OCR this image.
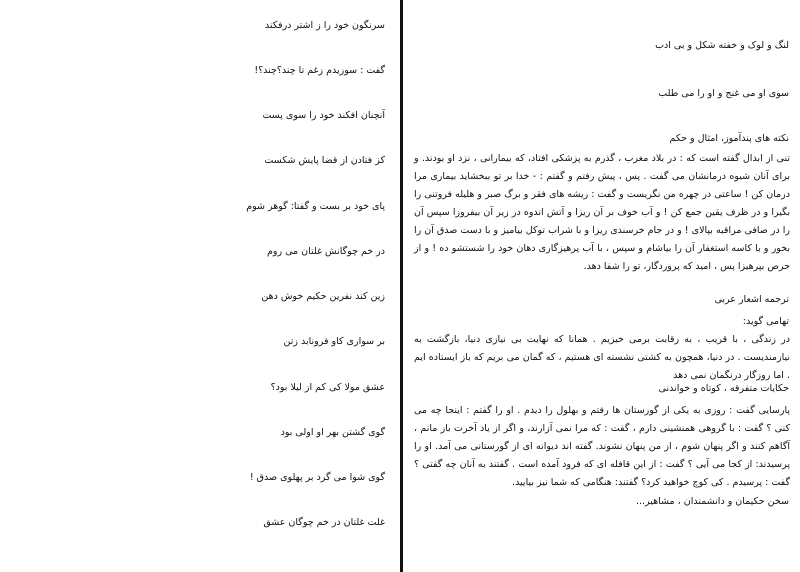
سرنگون خود را ز اشتر درفکند
گفت : سوزیدم زغم تا چند؟چند؟!
آنچنان افکند خود را سوی پست
کز فتادن از قضا پایش شکست
پای خود بر بست و گفتا: گوهر شوم
در خم چوگانش غلتان می روم
زین کند نفرین حکیم خوش دهن
بر سواری کاو فرونابد زتن
عشق مولا کی کم از لیلا بود؟
گوی گشتن بهر او اولی بود
گوی شوا می گرد بر پهلوی صدق !
غلت غلتان در خم چوگان عشق
لنگ و لوک و خفته شکل و بی ادب
سوی او می غنج و او را می طلب
نکته های پندآموز، امثال و حکم
تنی از ابدال گفته است که : در بلاد مغرب ، گذرم به پزشکی افتاد، که بیمارانی ، نزد او بودند. و برای آنان شیوه درمانشان می گفت . پس ، پیش رفتم و گفتم : - خدا بر تو ببخشاید بیماری مرا درمان کن ! ساعتی در چهره من نگریست و گفت : ریشه های فقر و برگ صبر و هلیله فروتنی را بگیرا و در ظرف یقین جمع کن ! و آب خوف بر آن ریزا و آتش اندوه در زیر آن بیفروزا سپس آن را در صافی مراقبه بپالای ! و در جام خرسندی ریزا و با شراب توکل بیامیز و با دست صدق آن را بخور و با کاسه استغفار آن را بیاشام و سپس ، با آب پرهیزگاری دهان خود را شستشو ده ! و از حرص بپرهیزا پس ، امید که پروردگار، تو را شفا دهد.
ترجمه اشعار عربی
تهامی گوید:
در زندگی ، با قریب ، به رقابت برمی خیزیم . همانا که نهایت بی نیازی دنیا، بازگشت به نیازمندیست . در دنیا، همچون به کشتی نشسته ای هستیم ، که گمان می بریم که باز ایستاده ایم . اما روزگار درنگمان نمی دهد
حکایات متفرقه ، کوتاه و خواندنی
پارسایی گفت : روزی به یکی از گورستان ها رفتم و بهلول را دیدم . او را گفتم : اینجا چه می کنی ؟ گفت : با گروهی همنشینی دارم ، گفت : که مرا نمی آزارند، و اگر از یاد آخرت باز مانم ، آگاهم کنند و اگر پنهان شوم ، از من پنهان نشوند. گفته اند دیوانه ای از گورستانی می آمد. او را پرسیدند: از کجا می آیی ؟ گفت : از این قافله ای که فرود آمده است . گفتند به آنان چه گفتی ؟ گفت : پرسیدم . کی کوچ خواهید کرد؟ گفتند: هنگامی که شما نیز بیایید.
سخن حکیمان و دانشمندان ، مشاهیر...
